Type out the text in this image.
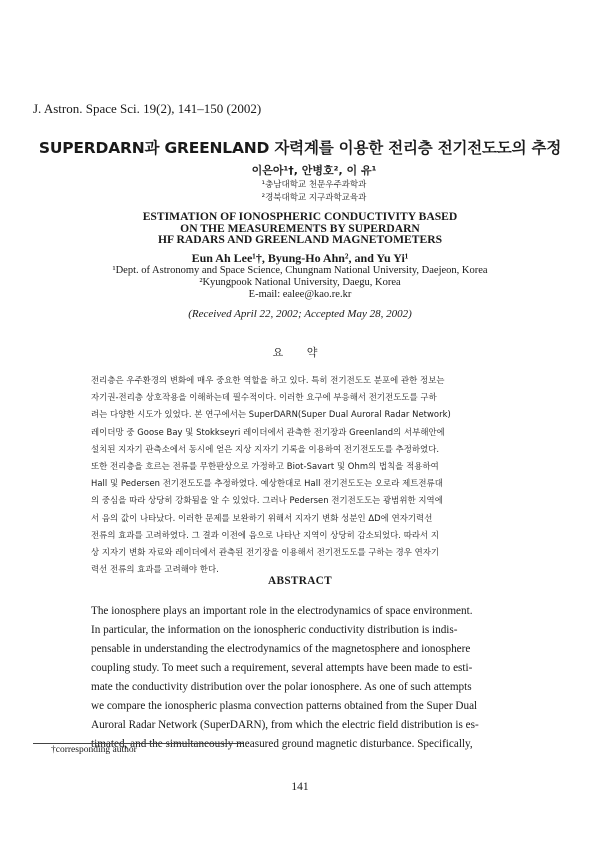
J. Astron. Space Sci. 19(2), 141–150 (2002)
SUPERDARN과 GREENLAND 자력계를 이용한 전리층 전기전도도의 추정
이은아¹†, 안병호², 이 유¹
¹충남대학교 천문우주과학과
²경북대학교 지구과학교육과
ESTIMATION OF IONOSPHERIC CONDUCTIVITY BASED
ON THE MEASUREMENTS BY SUPERDARN
HF RADARS AND GREENLAND MAGNETOMETERS
Eun Ah Lee¹†, Byung-Ho Ahn², and Yu Yi¹
¹Dept. of Astronomy and Space Science, Chungnam National University, Daejeon, Korea
²Kyungpook National University, Daegu, Korea
E-mail: ealee@kao.re.kr
(Received April 22, 2002; Accepted May 28, 2002)
요 약
전리층은 우주환경의 변화에 매우 중요한 역할을 하고 있다. 특히 전기전도도 분포에 관한 정보는
자기권-전리층 상호작용을 이해하는데 필수적이다. 이러한 요구에 부응해서 전기전도도를 구하
려는 다양한 시도가 있었다. 본 연구에서는 SuperDARN(Super Dual Auroral Radar Network)
레이더망 중 Goose Bay 및 Stokkseyri 레이더에서 관측한 전기장과 Greenland의 서부해안에
설치된 지자기 관측소에서 동시에 얻은 지상 지자기 기록을 이용하여 전기전도도를 추정하였다.
또한 전리층을 흐르는 전류를 무한판상으로 가정하고 Biot-Savart 및 Ohm의 법칙을 적용하여
Hall 및 Pedersen 전기전도도를 추정하였다. 예상한대로 Hall 전기전도도는 오로라 제트전류대
의 중심을 따라 상당히 강화됨을 알 수 있었다. 그러나 Pedersen 전기전도도는 광범위한 지역에
서 음의 값이 나타났다. 이러한 문제를 보완하기 위해서 지자기 변화 성분인 ΔD에 연자기력선
전류의 효과를 고려하였다. 그 결과 이전에 음으로 나타난 지역이 상당히 감소되었다. 따라서 지
상 지자기 변화 자료와 레이더에서 관측된 전기장을 이용해서 전기전도도를 구하는 경우 연자기
력선 전류의 효과를 고려해야 한다.
ABSTRACT
The ionosphere plays an important role in the electrodynamics of space environment.
In particular, the information on the ionospheric conductivity distribution is indis-
pensable in understanding the electrodynamics of the magnetosphere and ionosphere
coupling study. To meet such a requirement, several attempts have been made to esti-
mate the conductivity distribution over the polar ionosphere. As one of such attempts
we compare the ionospheric plasma convection patterns obtained from the Super Dual
Auroral Radar Network (SuperDARN), from which the electric field distribution is es-
timated, and the simultaneously measured ground magnetic disturbance. Specifically,
†corresponding author
141
